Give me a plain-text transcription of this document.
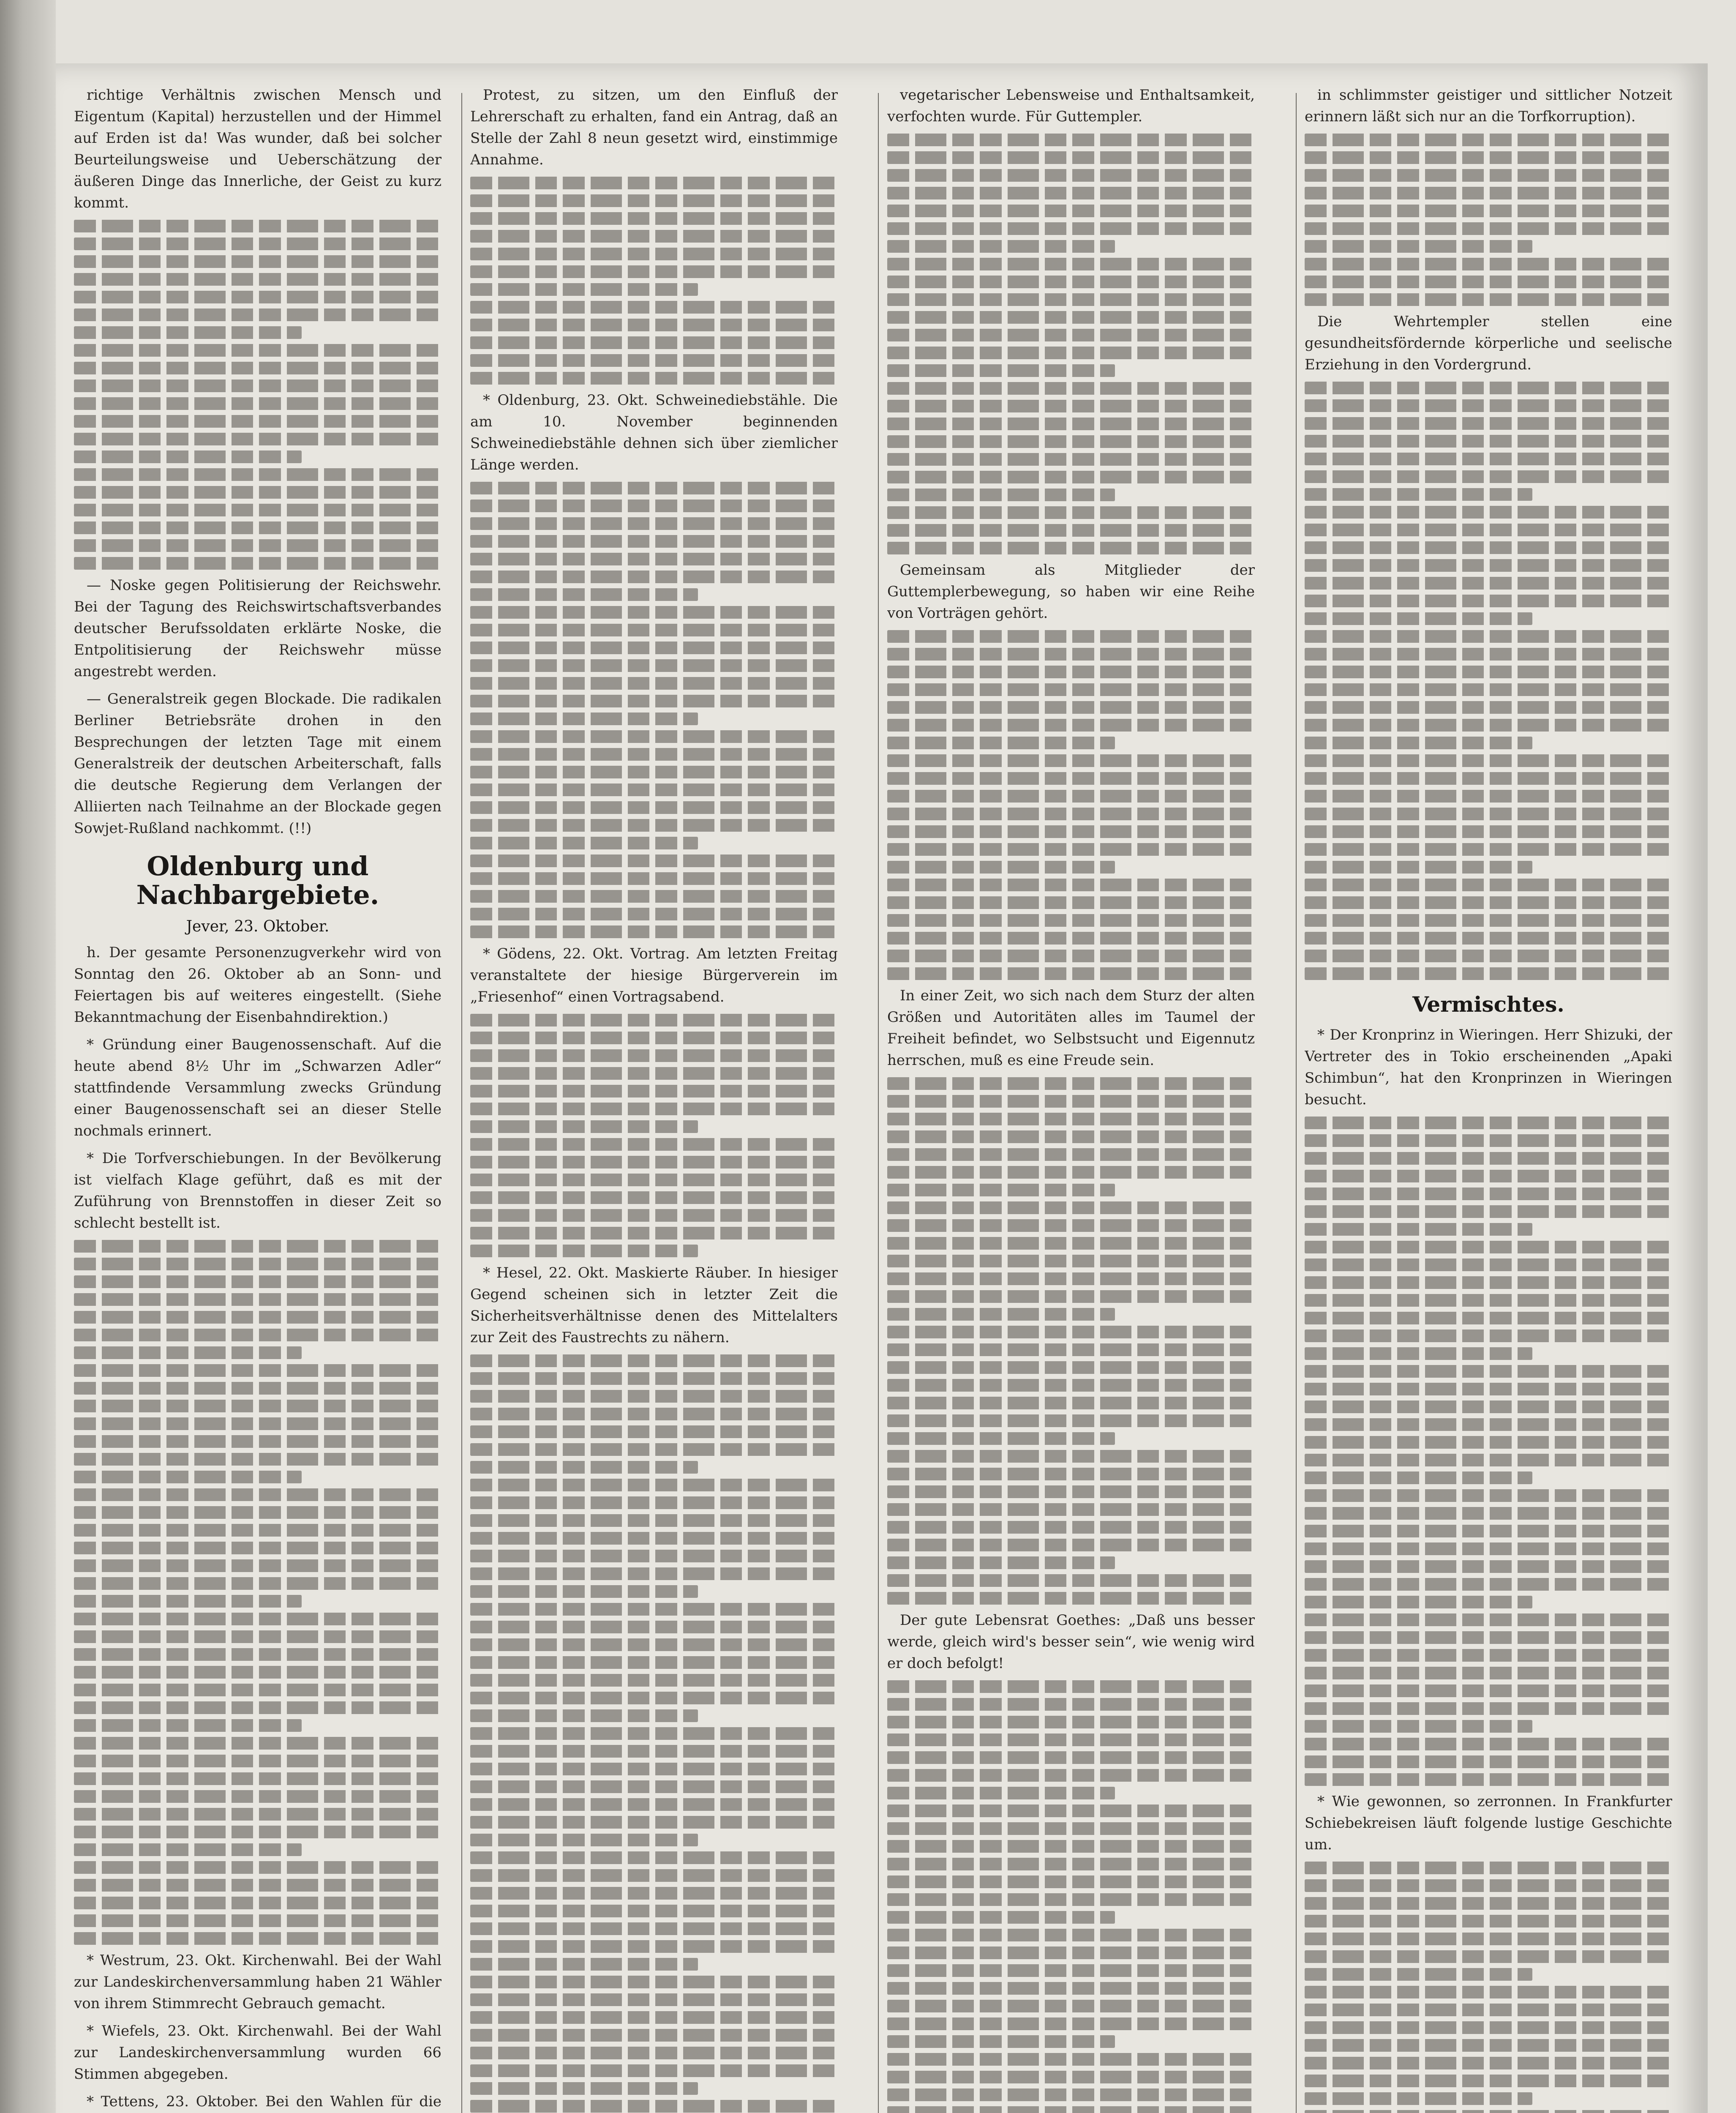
richtige Verhältnis zwischen Mensch und Eigentum (Kapital) herzustellen und der Himmel auf Erden ist da! Was wunder, daß bei solcher Beurteilungsweise und Ueberschätzung der äußeren Dinge das Innerliche, der Geist zu kurz kommt.
— Noske gegen Politisierung der Reichswehr. Bei der Tagung des Reichswirtschaftsverbandes deutscher Berufssoldaten erklärte Noske, die Entpolitisierung der Reichswehr müsse angestrebt werden.
— Generalstreik gegen Blockade. Die radikalen Berliner Betriebsräte drohen in den Besprechungen der letzten Tage mit einem Generalstreik der deutschen Arbeiterschaft, falls die deutsche Regierung dem Verlangen der Alliierten nach Teilnahme an der Blockade gegen Sowjet-Rußland nachkommt. (!!)
Oldenburg und Nachbargebiete.
Jever, 23. Oktober.
h. Der gesamte Personenzugverkehr wird von Sonntag den 26. Oktober ab an Sonn- und Feiertagen bis auf weiteres eingestellt. (Siehe Bekanntmachung der Eisenbahndirektion.)
* Gründung einer Baugenossenschaft. Auf die heute abend 8½ Uhr im „Schwarzen Adler“ stattfindende Versammlung zwecks Gründung einer Baugenossenschaft sei an dieser Stelle nochmals erinnert.
* Die Torfverschiebungen. In der Bevölkerung ist vielfach Klage geführt, daß es mit der Zuführung von Brennstoffen in dieser Zeit so schlecht bestellt ist.
* Westrum, 23. Okt. Kirchenwahl. Bei der Wahl zur Landeskirchenversammlung haben 21 Wähler von ihrem Stimmrecht Gebrauch gemacht.
* Wiefels, 23. Okt. Kirchenwahl. Bei der Wahl zur Landeskirchenversammlung wurden 66 Stimmen abgegeben.
* Tettens, 23. Oktober. Bei den Wahlen für die
Protest, zu sitzen, um den Einfluß der Lehrerschaft zu erhalten, fand ein Antrag, daß an Stelle der Zahl 8 neun gesetzt wird, einstimmige Annahme.
* Oldenburg, 23. Okt. Schweinediebstähle. Die am 10. November beginnenden Schweinediebstähle dehnen sich über ziemlicher Länge werden.
* Gödens, 22. Okt. Vortrag. Am letzten Freitag veranstaltete der hiesige Bürgerverein im „Friesenhof“ einen Vortragsabend.
* Hesel, 22. Okt. Maskierte Räuber. In hiesiger Gegend scheinen sich in letzter Zeit die Sicherheitsverhältnisse denen des Mittelalters zur Zeit des Faustrechts zu nähern.
vegetarischer Lebensweise und Enthaltsamkeit, verfochten wurde. Für Guttempler.
Gemeinsam als Mitglieder der Guttemplerbewegung, so haben wir eine Reihe von Vorträgen gehört.
In einer Zeit, wo sich nach dem Sturz der alten Größen und Autoritäten alles im Taumel der Freiheit befindet, wo Selbstsucht und Eigennutz herrschen, muß es eine Freude sein.
Der gute Lebensrat Goethes: „Daß uns besser werde, gleich wird's besser sein“, wie wenig wird er doch befolgt!
in schlimmster geistiger und sittlicher Notzeit erinnern läßt sich nur an die Torfkorruption).
Die Wehrtempler stellen eine gesundheitsfördernde körperliche und seelische Erziehung in den Vordergrund.
Vermischtes.
* Der Kronprinz in Wieringen. Herr Shizuki, der Vertreter des in Tokio erscheinenden „Apaki Schimbun“, hat den Kronprinzen in Wieringen besucht.
* Wie gewonnen, so zerronnen. In Frankfurter Schiebekreisen läuft folgende lustige Geschichte um.
